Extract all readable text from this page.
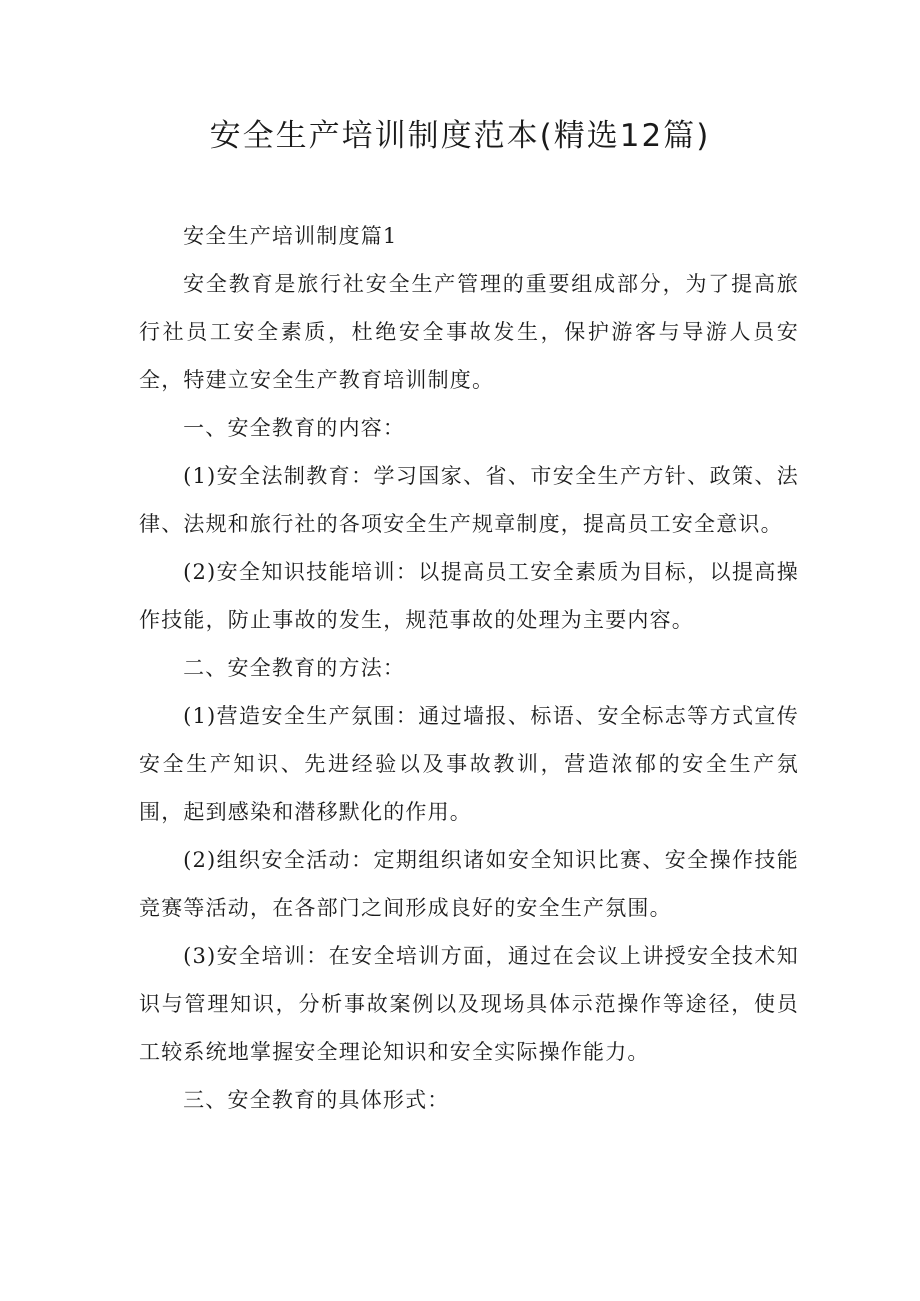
安全生产培训制度范本(精选12篇)

安全生产培训制度篇1

安全教育是旅行社安全生产管理的重要组成部分，为了提高旅行社员工安全素质，杜绝安全事故发生，保护游客与导游人员安全，特建立安全生产教育培训制度。

一、安全教育的内容：

(1)安全法制教育：学习国家、省、市安全生产方针、政策、法律、法规和旅行社的各项安全生产规章制度，提高员工安全意识。

(2)安全知识技能培训：以提高员工安全素质为目标，以提高操作技能，防止事故的发生，规范事故的处理为主要内容。

二、安全教育的方法：

(1)营造安全生产氛围：通过墙报、标语、安全标志等方式宣传安全生产知识、先进经验以及事故教训，营造浓郁的安全生产氛围，起到感染和潜移默化的作用。

(2)组织安全活动：定期组织诸如安全知识比赛、安全操作技能竞赛等活动，在各部门之间形成良好的安全生产氛围。

(3)安全培训：在安全培训方面，通过在会议上讲授安全技术知识与管理知识，分析事故案例以及现场具体示范操作等途径，使员工较系统地掌握安全理论知识和安全实际操作能力。

三、安全教育的具体形式：
